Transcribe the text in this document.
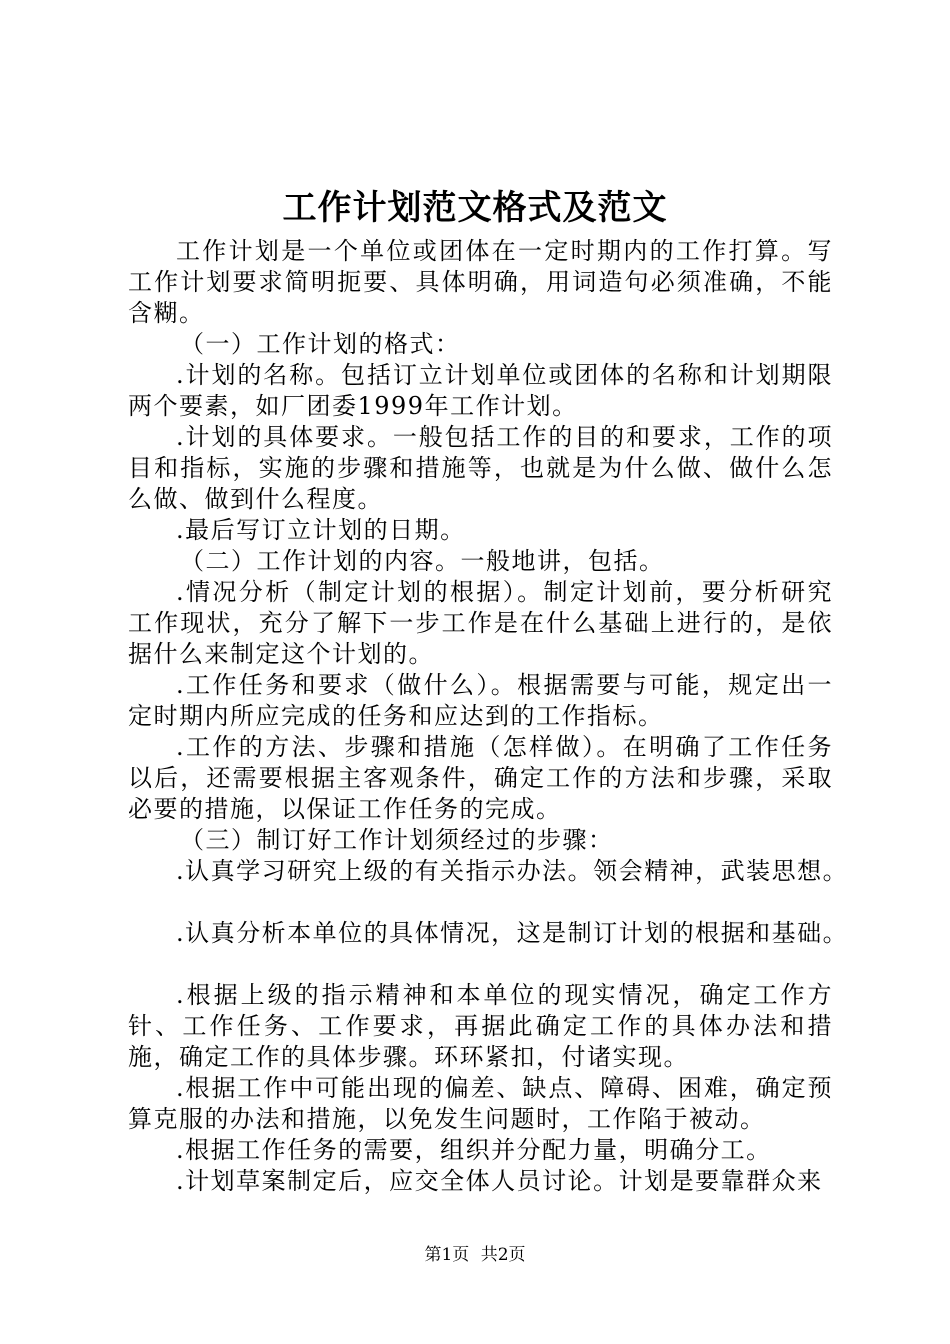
工作计划范文格式及范文

工作计划是一个单位或团体在一定时期内的工作打算。写工作计划要求简明扼要、具体明确，用词造句必须准确，不能含糊。

（一）工作计划的格式：

.计划的名称。包括订立计划单位或团体的名称和计划期限两个要素，如厂团委1999年工作计划。

.计划的具体要求。一般包括工作的目的和要求，工作的项目和指标，实施的步骤和措施等，也就是为什么做、做什么怎么做、做到什么程度。

.最后写订立计划的日期。

（二）工作计划的内容。一般地讲，包括。

.情况分析（制定计划的根据）。制定计划前，要分析研究工作现状，充分了解下一步工作是在什么基础上进行的，是依据什么来制定这个计划的。

.工作任务和要求（做什么）。根据需要与可能，规定出一定时期内所应完成的任务和应达到的工作指标。

.工作的方法、步骤和措施（怎样做）。在明确了工作任务以后，还需要根据主客观条件，确定工作的方法和步骤，采取必要的措施，以保证工作任务的完成。

（三）制订好工作计划须经过的步骤：

.认真学习研究上级的有关指示办法。领会精神，武装思想。

.认真分析本单位的具体情况，这是制订计划的根据和基础。

.根据上级的指示精神和本单位的现实情况，确定工作方针、工作任务、工作要求，再据此确定工作的具体办法和措施，确定工作的具体步骤。环环紧扣，付诸实现。

.根据工作中可能出现的偏差、缺点、障碍、困难，确定预算克服的办法和措施，以免发生问题时，工作陷于被动。

.根据工作任务的需要，组织并分配力量，明确分工。

.计划草案制定后，应交全体人员讨论。计划是要靠群众来

第1页 共2页
